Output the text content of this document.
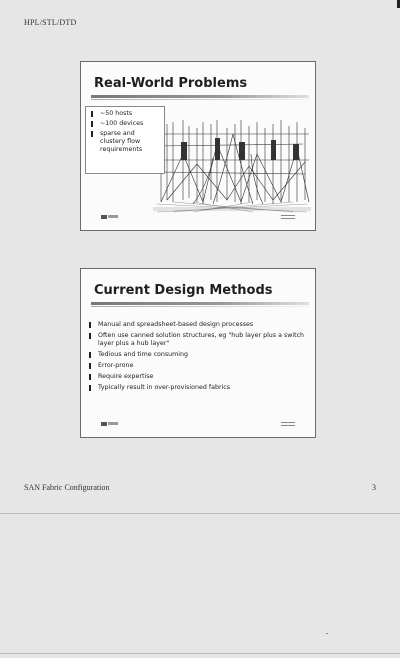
HPL/STL/DTD
Real-World Problems
~50 hosts
~100 devices
sparse and clustery flow requirements
Current Design Methods
Manual and spreadsheet-based design processes
Often use canned solution structures, eg "hub layer plus a switch layer plus a hub layer"
Tedious and time consuming
Error-prone
Require expertise
Typically result in over-provisioned fabrics
SAN Fabric Configuration	3
